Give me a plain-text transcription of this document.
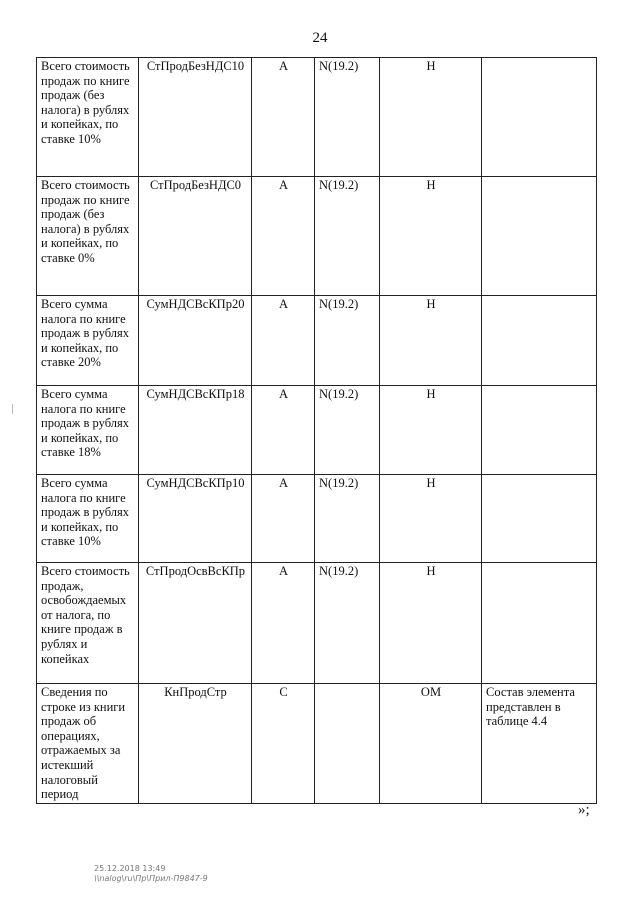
24
Всего стоимость продаж по книге продаж (без налога) в рублях и копейках, по ставке 10%	СтПродБезНДС10	А	N(19.2)	Н	
Всего стоимость продаж по книге продаж (без налога) в рублях и копейках, по ставке 0%	СтПродБезНДС0	А	N(19.2)	Н	
Всего сумма налога по книге продаж в рублях и копейках, по ставке 20%	СумНДСВсКПр20	А	N(19.2)	Н	
Всего сумма налога по книге продаж в рублях и копейках, по ставке 18%	СумНДСВсКПр18	А	N(19.2)	Н	
Всего сумма налога по книге продаж в рублях и копейках, по ставке 10%	СумНДСВсКПр10	А	N(19.2)	Н	
Всего стоимость продаж, освобождаемых от налога, по книге продаж в рублях и копейках	СтПродОсвВсКПр	А	N(19.2)	Н	
Сведения по строке из книги продаж об операциях, отражаемых за истекший налоговый период	КнПродСтр	С		ОМ	Состав элемента представлен в таблице 4.4
»;
25.12.2018 13:49
\\nalog\ru\Пр\Прил-П9847-9
